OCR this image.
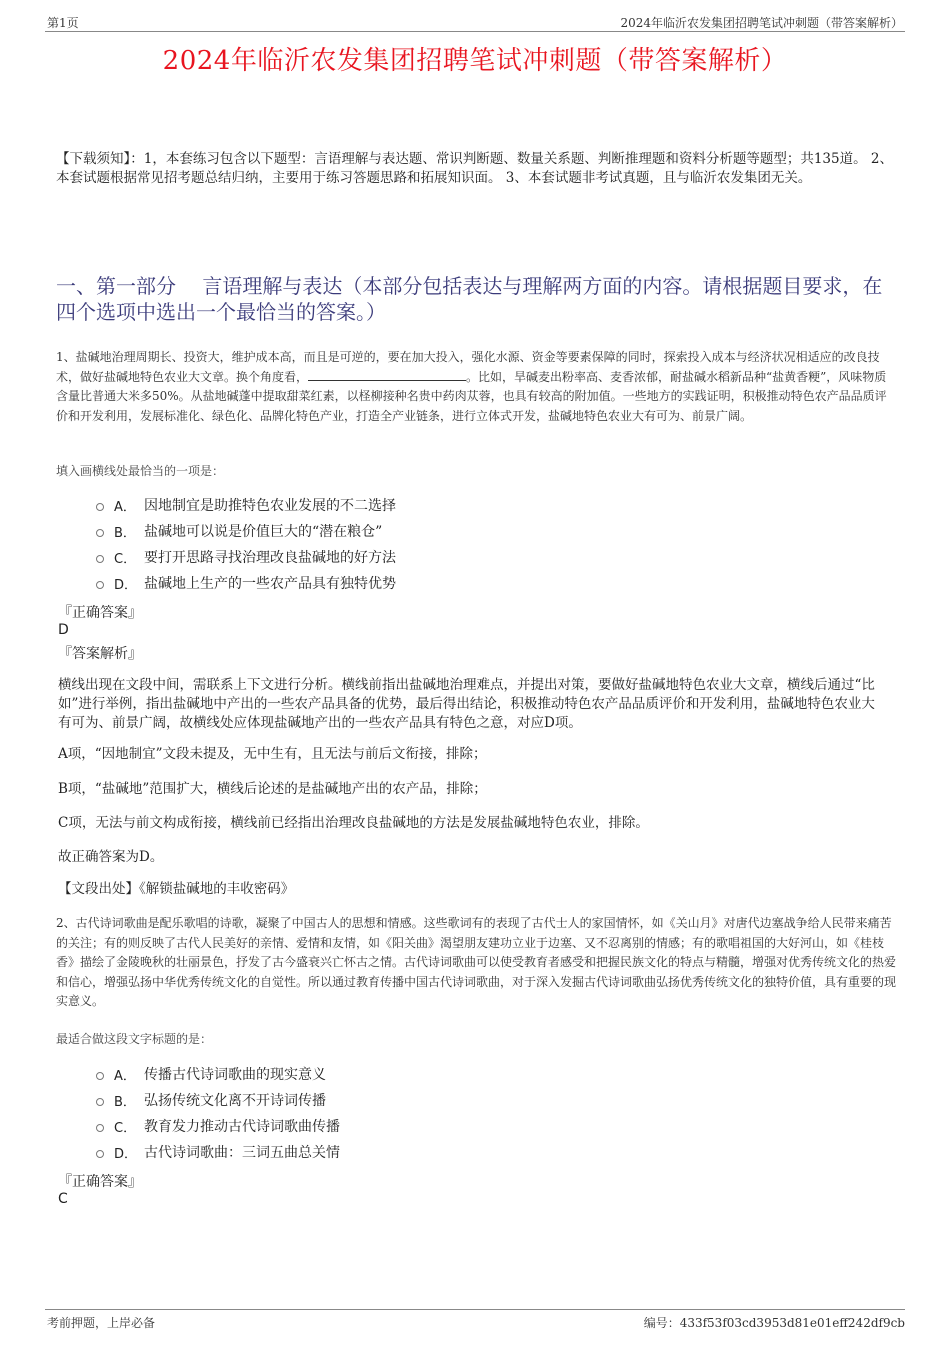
第1页	2024年临沂农发集团招聘笔试冲刺题（带答案解析）
2024年临沂农发集团招聘笔试冲刺题（带答案解析）
【下载须知】：1，本套练习包含以下题型：言语理解与表达题、常识判断题、数量关系题、判断推理题和资料分析题等题型；共135道。 2、本套试题根据常见招考题总结归纳，主要用于练习答题思路和拓展知识面。 3、本套试题非考试真题，且与临沂农发集团无关。
一、第一部分　 言语理解与表达（本部分包括表达与理解两方面的内容。请根据题目要求，在四个选项中选出一个最恰当的答案。）
1、盐碱地治理周期长、投资大，维护成本高，而且是可逆的，要在加大投入，强化水源、资金等要素保障的同时，探索投入成本与经济状况相适应的改良技术，做好盐碱地特色农业大文章。换个角度看，	。比如，旱碱麦出粉率高、麦香浓郁，耐盐碱水稻新品种“盐黄香粳”，风味物质含量比普通大米多50%。从盐地碱蓬中提取甜菜红素，以柽柳接种名贵中药肉苁蓉，也具有较高的附加值。一些地方的实践证明，积极推动特色农产品品质评价和开发利用，发展标准化、绿色化、品牌化特色产业，打造全产业链条，进行立体式开发，盐碱地特色农业大有可为、前景广阔。
填入画横线处最恰当的一项是：
A． 因地制宜是助推特色农业发展的不二选择
B． 盐碱地可以说是价值巨大的“潜在粮仓”
C． 要打开思路寻找治理改良盐碱地的好方法
D． 盐碱地上生产的一些农产品具有独特优势
『正确答案』
D
『答案解析』
横线出现在文段中间，需联系上下文进行分析。横线前指出盐碱地治理难点，并提出对策，要做好盐碱地特色农业大文章，横线后通过“比如”进行举例，指出盐碱地中产出的一些农产品具备的优势，最后得出结论，积极推动特色农产品品质评价和开发利用，盐碱地特色农业大有可为、前景广阔，故横线处应体现盐碱地产出的一些农产品具有特色之意，对应D项。
A项，“因地制宜”文段未提及，无中生有，且无法与前后文衔接，排除；
B项，“盐碱地”范围扩大，横线后论述的是盐碱地产出的农产品，排除；
C项，无法与前文构成衔接，横线前已经指出治理改良盐碱地的方法是发展盐碱地特色农业，排除。
故正确答案为D。
【文段出处】《解锁盐碱地的丰收密码》
2、古代诗词歌曲是配乐歌唱的诗歌，凝聚了中国古人的思想和情感。这些歌词有的表现了古代士人的家国情怀，如《关山月》对唐代边塞战争给人民带来痛苦的关注；有的则反映了古代人民美好的亲情、爱情和友情，如《阳关曲》渴望朋友建功立业于边塞、又不忍离别的情感；有的歌唱祖国的大好河山，如《桂枝香》描绘了金陵晚秋的壮丽景色，抒发了古今盛衰兴亡怀古之情。古代诗词歌曲可以使受教育者感受和把握民族文化的特点与精髓，增强对优秀传统文化的热爱和信心，增强弘扬中华优秀传统文化的自觉性。所以通过教育传播中国古代诗词歌曲，对于深入发掘古代诗词歌曲弘扬优秀传统文化的独特价值，具有重要的现实意义。
最适合做这段文字标题的是：
A． 传播古代诗词歌曲的现实意义
B． 弘扬传统文化离不开诗词传播
C． 教育发力推动古代诗词歌曲传播
D． 古代诗词歌曲：三词五曲总关情
『正确答案』
C
考前押题，上岸必备	编号：433f53f03cd3953d81e01eff242df9cb
